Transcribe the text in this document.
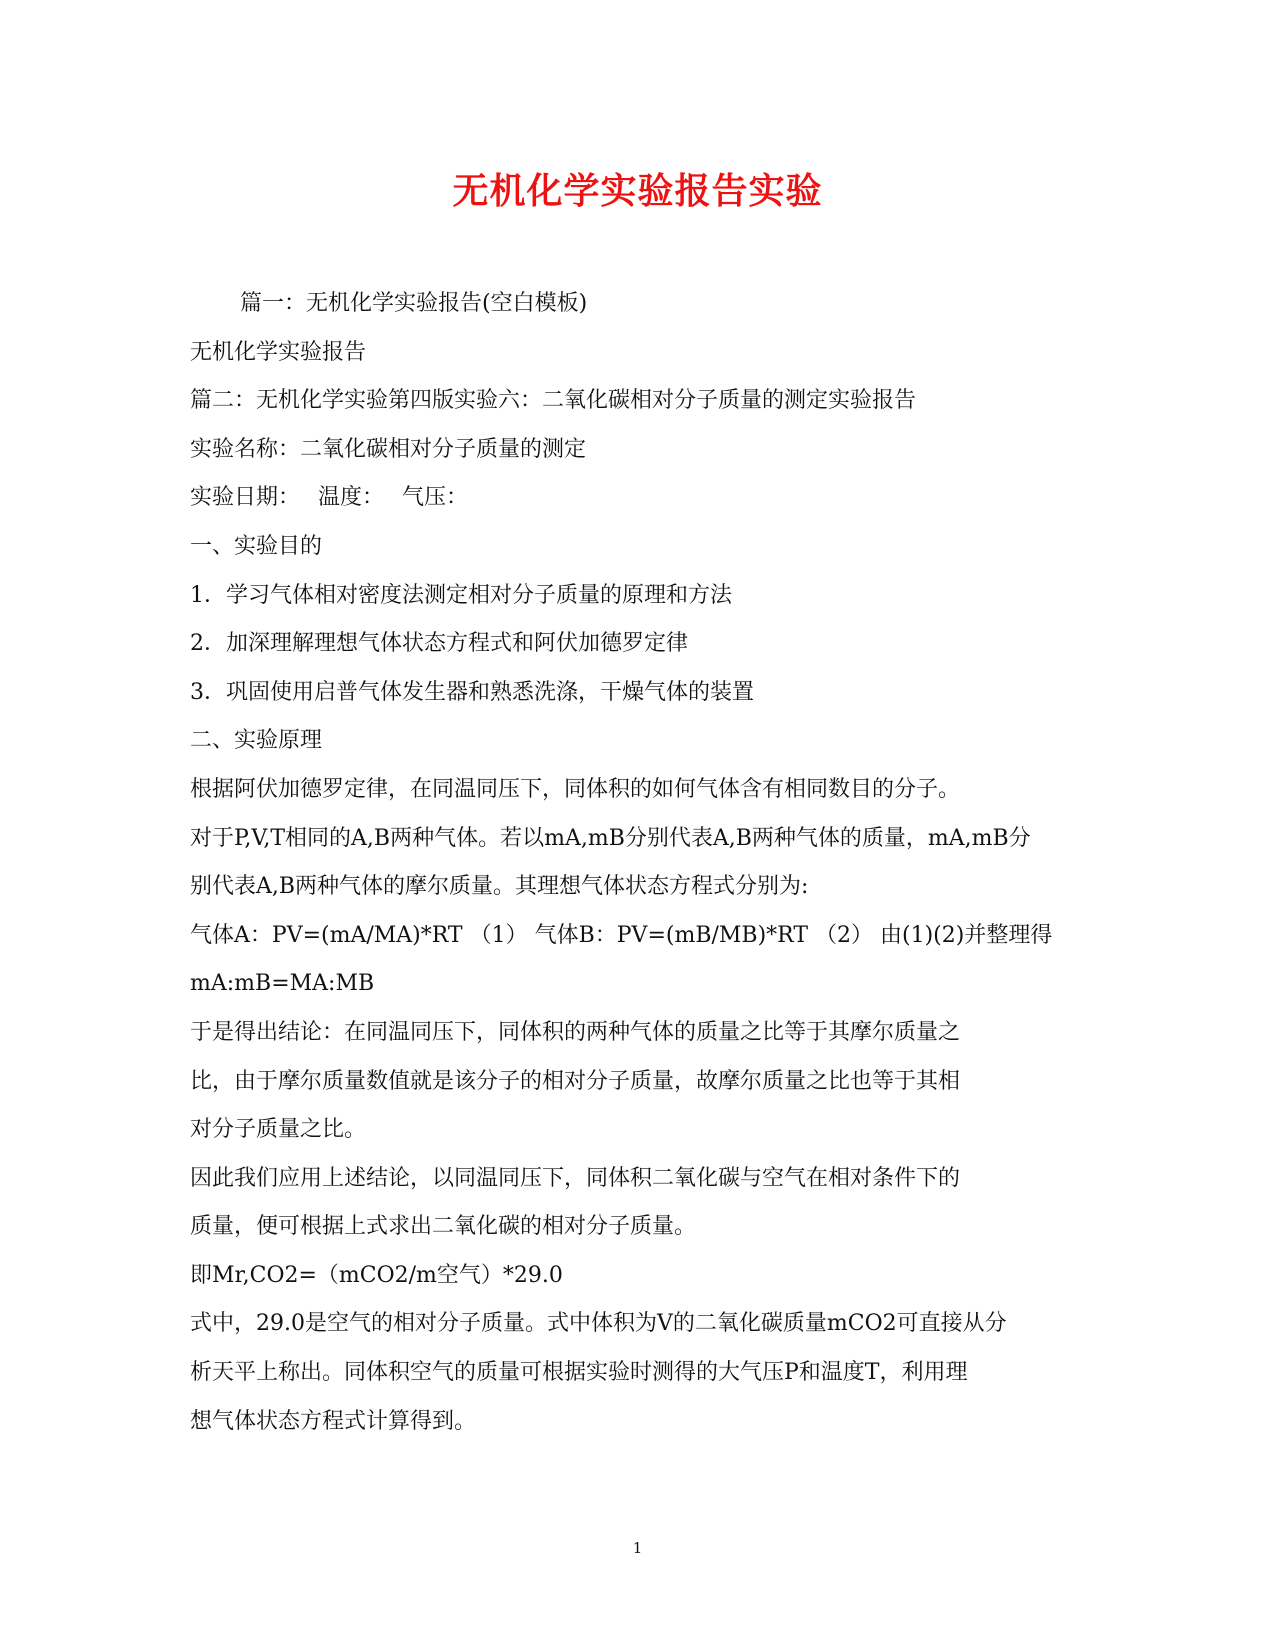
无机化学实验报告实验
篇一：无机化学实验报告(空白模板)
无机化学实验报告
篇二：无机化学实验第四版实验六：二氧化碳相对分子质量的测定实验报告
实验名称：二氧化碳相对分子质量的测定
实验日期：　 温度：　 气压：
一、实验目的
1．学习气体相对密度法测定相对分子质量的原理和方法
2．加深理解理想气体状态方程式和阿伏加德罗定律
3．巩固使用启普气体发生器和熟悉洗涤，干燥气体的装置
二、实验原理
根据阿伏加德罗定律，在同温同压下，同体积的如何气体含有相同数目的分子。
对于P,V,T相同的A,B两种气体。若以mA,mB分别代表A,B两种气体的质量，mA,mB分
别代表A,B两种气体的摩尔质量。其理想气体状态方程式分别为:
气体A：PV=(mA/MA)*RT （1） 气体B：PV=(mB/MB)*RT （2） 由(1)(2)并整理得
mA:mB=MA:MB
于是得出结论：在同温同压下，同体积的两种气体的质量之比等于其摩尔质量之
比，由于摩尔质量数值就是该分子的相对分子质量，故摩尔质量之比也等于其相
对分子质量之比。
因此我们应用上述结论，以同温同压下，同体积二氧化碳与空气在相对条件下的
质量，便可根据上式求出二氧化碳的相对分子质量。
即Mr,CO2=（mCO2/m空气）*29.0
式中，29.0是空气的相对分子质量。式中体积为V的二氧化碳质量mCO2可直接从分
析天平上称出。同体积空气的质量可根据实验时测得的大气压P和温度T，利用理
想气体状态方程式计算得到。
1
